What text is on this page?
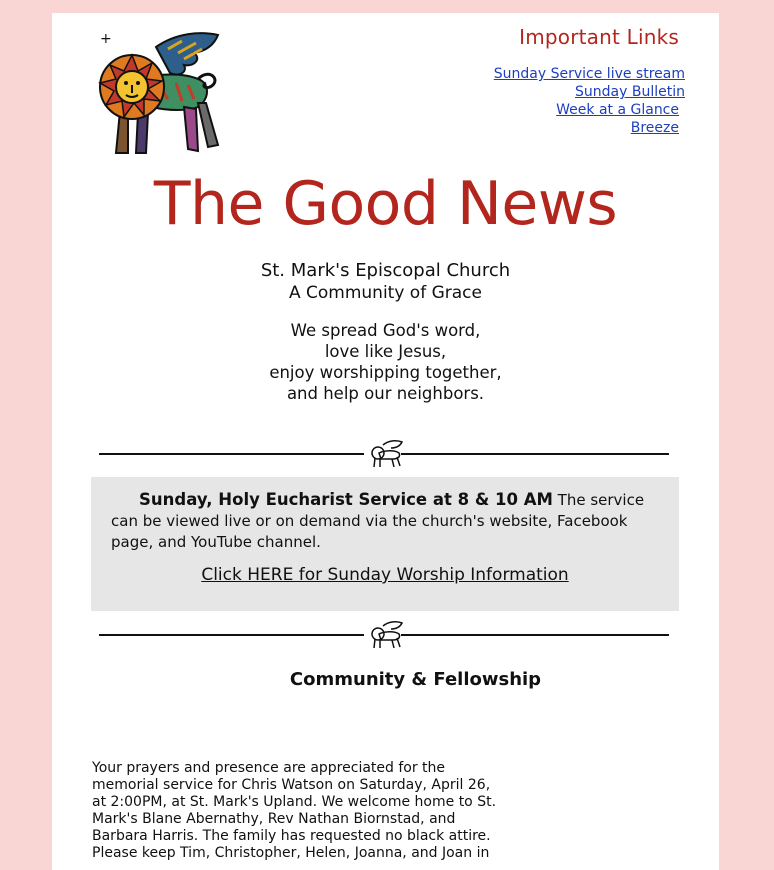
+	Important Links
Sunday Service live stream
Sunday Bulletin
Week at a Glance
Breeze
The Good News
St. Mark's Episcopal Church
A Community of Grace
We spread God's word,
love like Jesus,
enjoy worshipping together,
and help our neighbors.
Sunday, Holy Eucharist Service at 8 & 10 AM The service can be viewed live or on demand via the church's website, Facebook page, and YouTube channel.
Click HERE for Sunday Worship Information
Community & Fellowship
Your prayers and presence are appreciated for the memorial service for Chris Watson on Saturday, April 26, at 2:00PM, at St. Mark's Upland. We welcome home to St. Mark's Blane Abernathy, Rev Nathan Biornstad, and Barbara Harris. The family has requested no black attire. Please keep Tim, Christopher, Helen, Joanna, and Joan in
